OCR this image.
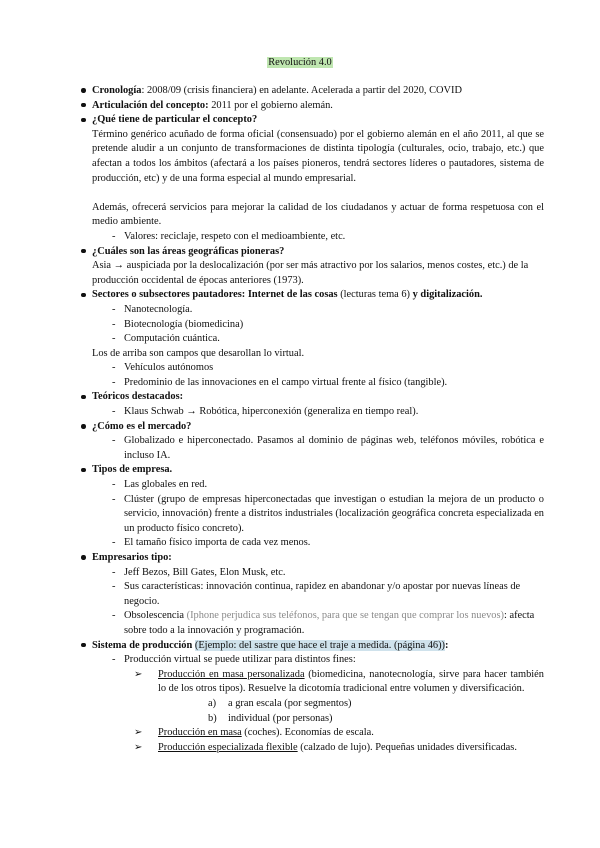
Revolución 4.0
Cronología: 2008/09 (crisis financiera) en adelante. Acelerada a partir del 2020, COVID
Articulación del concepto: 2011 por el gobierno alemán.
¿Qué tiene de particular el concepto?
Término genérico acuñado de forma oficial (consensuado) por el gobierno alemán en el año 2011, al que se pretende aludir a un conjunto de transformaciones de distinta tipología (culturales, ocio, trabajo, etc.) que afectan a todos los ámbitos (afectará a los países pioneros, tendrá sectores líderes o pautadores, sistema de producción, etc) y de una forma especial al mundo empresarial.
Además, ofrecerá servicios para mejorar la calidad de los ciudadanos y actuar de forma respetuosa con el medio ambiente.
- Valores: reciclaje, respeto con el medioambiente, etc.
¿Cuáles son las áreas geográficas pioneras?
Asia → auspiciada por la deslocalización (por ser más atractivo por los salarios, menos costes, etc.) de la producción occidental de épocas anteriores (1973).
Sectores o subsectores pautadores: Internet de las cosas (lecturas tema 6) y digitalización.
- Nanotecnología.
- Biotecnología (biomedicina)
- Computación cuántica.
Los de arriba son campos que desarollan lo virtual.
- Vehículos autónomos
- Predominio de las innovaciones en el campo virtual frente al físico (tangible).
Teóricos destacados:
- Klaus Schwab → Robótica, hiperconexión (generaliza en tiempo real).
¿Cómo es el mercado?
- Globalizado e hiperconectado. Pasamos al dominio de páginas web, teléfonos móviles, robótica e incluso IA.
Tipos de empresa.
- Las globales en red.
- Clúster (grupo de empresas hiperconectadas que investigan o estudian la mejora de un producto o servicio, innovación) frente a distritos industriales (localización geográfica concreta especializada en un producto físico concreto).
- El tamaño físico importa de cada vez menos.
Empresarios tipo:
- Jeff Bezos, Bill Gates, Elon Musk, etc.
- Sus características: innovación continua, rapidez en abandonar y/o apostar por nuevas líneas de negocio.
- Obsolescencia (Iphone perjudica sus teléfonos, para que se tengan que comprar los nuevos): afecta sobre todo a la innovación y programación.
Sistema de producción (Ejemplo: del sastre que hace el traje a medida. (página 46)):
- Producción virtual se puede utilizar para distintos fines:
➢ Producción en masa personalizada (biomedicina, nanotecnología, sirve para hacer también lo de los otros tipos). Resuelve la dicotomía tradicional entre volumen y diversificación.
a) a gran escala (por segmentos)
b) individual (por personas)
➢ Producción en masa (coches). Economías de escala.
➢ Producción especializada flexible (calzado de lujo). Pequeñas unidades diversificadas.
